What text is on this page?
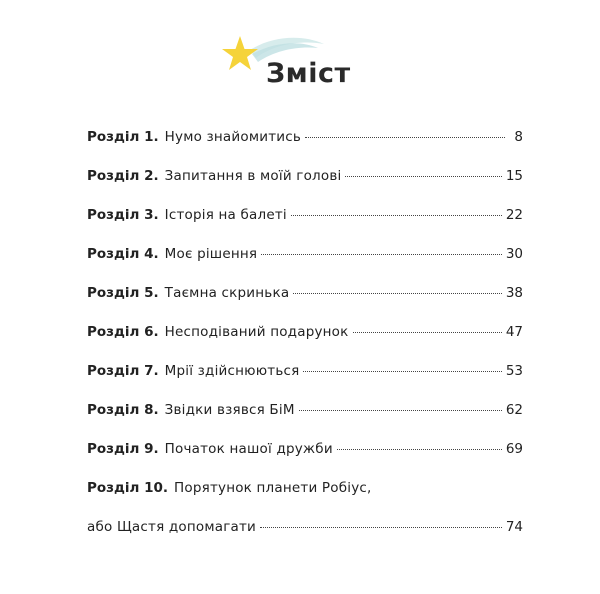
Зміст
Розділ 1. Нумо знайомитись	8
Розділ 2. Запитання в моїй голові	15
Розділ 3. Історія на балеті	22
Розділ 4. Моє рішення	30
Розділ 5. Таємна скринька	38
Розділ 6. Несподіваний подарунок	47
Розділ 7. Мрії здійснюються	53
Розділ 8. Звідки взявся БіМ	62
Розділ 9. Початок нашої дружби	69
Розділ 10. Порятунок планети Робіус,
або Щастя допомагати	74
